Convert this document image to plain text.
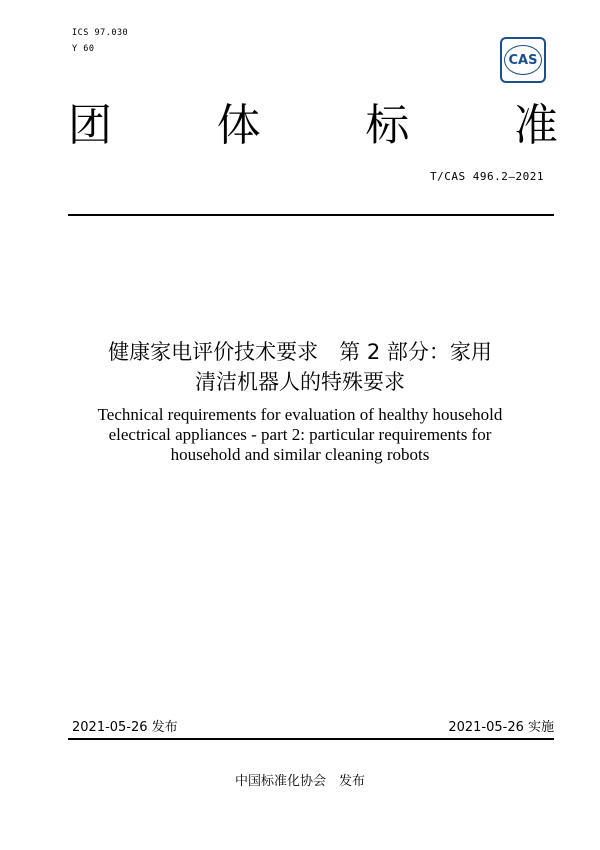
ICS 97.030
Y 60
CAS
团 体 标 准
T/CAS 496.2—2021
健康家电评价技术要求　第 2 部分：家用
清洁机器人的特殊要求
Technical requirements for evaluation of healthy household
electrical appliances - part 2: particular requirements for
household and similar cleaning robots
2021-05-26 发布	2021-05-26 实施
中国标准化协会　发布
